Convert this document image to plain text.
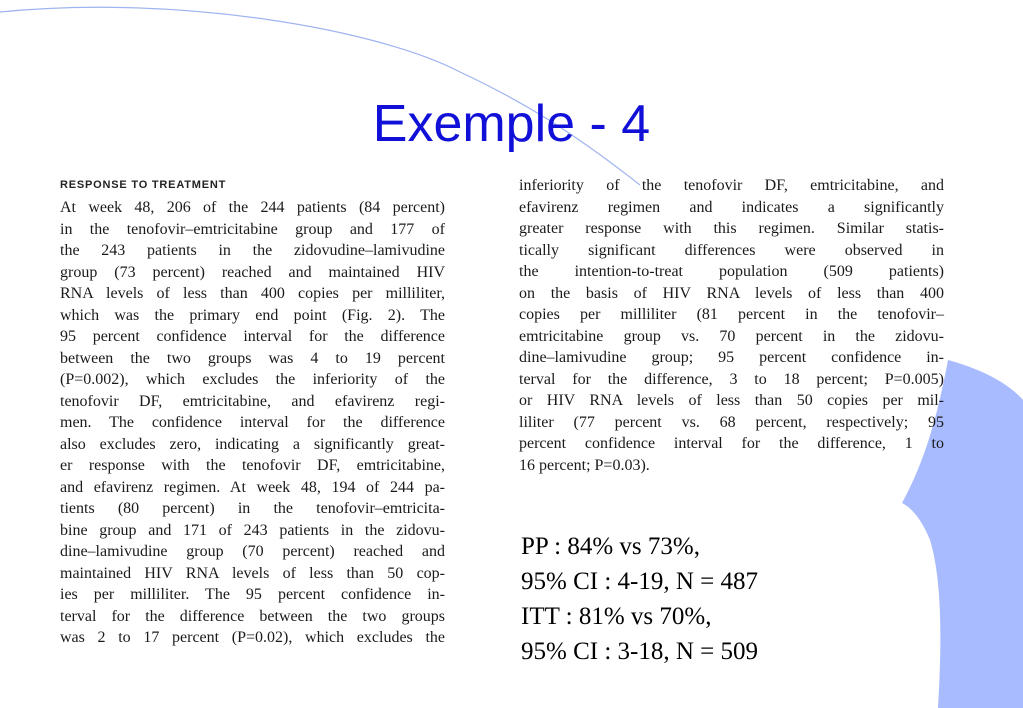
Exemple - 4
RESPONSE TO TREATMENT
At week 48, 206 of the 244 patients (84 percent)
in the tenofovir–emtricitabine group and 177 of
the 243 patients in the zidovudine–lamivudine
group (73 percent) reached and maintained HIV
RNA levels of less than 400 copies per milliliter,
which was the primary end point (Fig. 2). The
95 percent confidence interval for the difference
between the two groups was 4 to 19 percent
(P=0.002), which excludes the inferiority of the
tenofovir DF, emtricitabine, and efavirenz regi-
men. The confidence interval for the difference
also excludes zero, indicating a significantly great-
er response with the tenofovir DF, emtricitabine,
and efavirenz regimen. At week 48, 194 of 244 pa-
tients (80 percent) in the tenofovir–emtricita-
bine group and 171 of 243 patients in the zidovu-
dine–lamivudine group (70 percent) reached and
maintained HIV RNA levels of less than 50 cop-
ies per milliliter. The 95 percent confidence in-
terval for the difference between the two groups
was 2 to 17 percent (P=0.02), which excludes the
inferiority of the tenofovir DF, emtricitabine, and
efavirenz regimen and indicates a significantly
greater response with this regimen. Similar statis-
tically significant differences were observed in
the intention-to-treat population (509 patients)
on the basis of HIV RNA levels of less than 400
copies per milliliter (81 percent in the tenofovir–
emtricitabine group vs. 70 percent in the zidovu-
dine–lamivudine group; 95 percent confidence in-
terval for the difference, 3 to 18 percent; P=0.005)
or HIV RNA levels of less than 50 copies per mil-
liliter (77 percent vs. 68 percent, respectively; 95
percent confidence interval for the difference, 1 to
16 percent; P=0.03).
PP : 84% vs 73%,
95% CI : 4-19, N = 487
ITT : 81% vs 70%,
95% CI : 3-18, N = 509
